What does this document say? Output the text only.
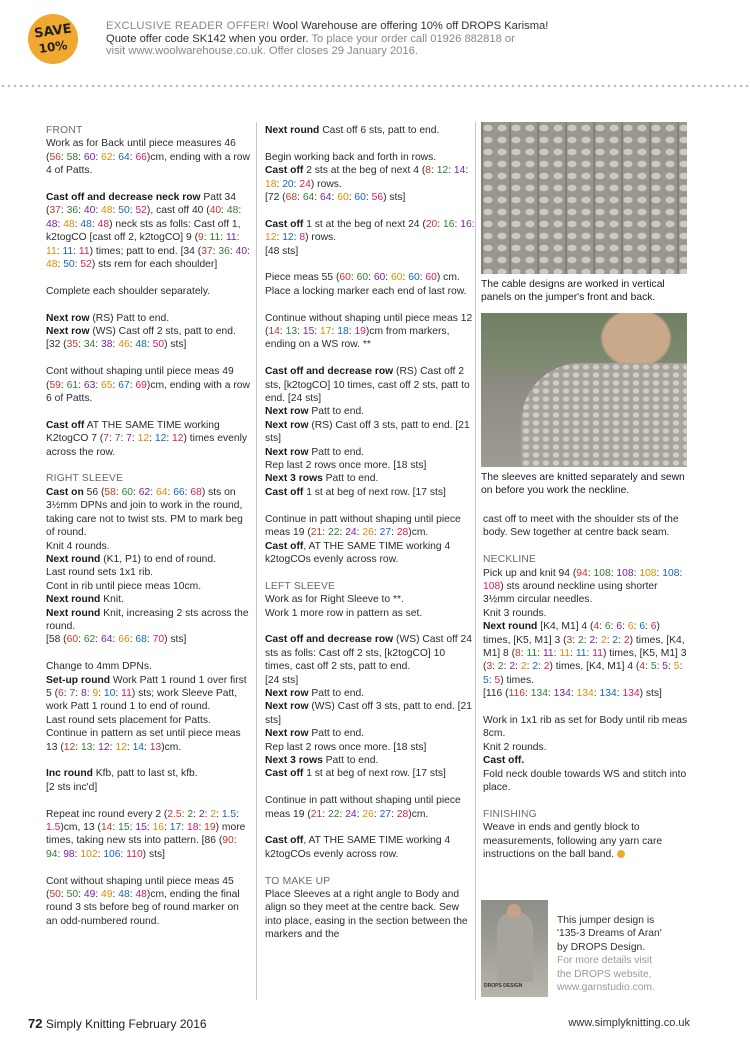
SAVE
10%
EXCLUSIVE READER OFFER! Wool Warehouse are offering 10% off DROPS Karisma!
Quote offer code SK142 when you order. To place your order call 01926 882818 or
visit www.woolwarehouse.co.uk. Offer closes 29 January 2016.

FRONT

Work as for Back until piece measures 46 (56: 58: 60: 62: 64: 66)cm, ending with a row 4 of Patts.

Cast off and decrease neck row Patt 34 (37: 36: 40: 48: 50: 52), cast off 40 (40: 48: 48: 48: 48: 48) neck sts as folls: Cast off 1, k2togCO [cast off 2, k2togCO] 9 (9: 11: 11: 11: 11: 11) times; patt to end. [34 (37: 36: 40: 48: 50: 52) sts rem for each shoulder]

Complete each shoulder separately.

Next row (RS) Patt to end.
Next row (WS) Cast off 2 sts, patt to end. [32 (35: 34: 38: 46: 48: 50) sts]

Cont without shaping until piece meas 49 (59: 61: 63: 65: 67: 69)cm, ending with a row 6 of Patts.

Cast off AT THE SAME TIME working K2togCO 7 (7: 7: 7: 12: 12: 12) times evenly across the row.

RIGHT SLEEVE

Cast on 56 (58: 60: 62: 64: 66: 68) sts on 3½mm DPNs and join to work in the round, taking care not to twist sts. PM to mark beg of round.
Knit 4 rounds.
Next round (K1, P1) to end of round.
Last round sets 1x1 rib.
Cont in rib until piece meas 10cm.
Next round Knit.
Next round Knit, increasing 2 sts across the round.
[58 (60: 62: 64: 66: 68: 70) sts]

Change to 4mm DPNs.
Set-up round Work Patt 1 round 1 over first 5 (6: 7: 8: 9: 10: 11) sts; work Sleeve Patt, work Patt 1 round 1 to end of round.
Last round sets placement for Patts.
Continue in pattern as set until piece meas 13 (12: 13: 12: 12: 14: 13)cm.

Inc round Kfb, patt to last st, kfb.
[2 sts inc'd]

Repeat inc round every 2 (2.5: 2: 2: 2: 1.5: 1.5)cm, 13 (14: 15: 15: 16: 17: 18: 19) more times, taking new sts into pattern. [86 (90: 94: 98: 102: 106: 110) sts]

Cont without shaping until piece meas 45 (50: 50: 49: 49: 48: 48)cm, ending the final round 3 sts before beg of round marker on an odd-numbered round.

Next round Cast off 6 sts, patt to end.

Begin working back and forth in rows.
Cast off 2 sts at the beg of next 4 (8: 12: 14: 18: 20: 24) rows.
[72 (68: 64: 64: 60: 60: 56) sts]

Cast off 1 st at the beg of next 24 (20: 16: 16: 12: 12: 8) rows.
[48 sts]

Piece meas 55 (60: 60: 60: 60: 60: 60) cm. Place a locking marker each end of last row.

Continue without shaping until piece meas 12 (14: 13: 15: 17: 18: 19)cm from markers, ending on a WS row. **

Cast off and decrease row (RS) Cast off 2 sts, [k2togCO] 10 times, cast off 2 sts, patt to end. [24 sts]
Next row Patt to end.
Next row (RS) Cast off 3 sts, patt to end. [21 sts]
Next row Patt to end.
Rep last 2 rows once more. [18 sts]
Next 3 rows Patt to end.
Cast off 1 st at beg of next row. [17 sts]

Continue in patt without shaping until piece meas 19 (21: 22: 24: 26: 27: 28)cm.
Cast off, AT THE SAME TIME working 4 k2togCOs evenly across row.

LEFT SLEEVE

Work as for Right Sleeve to **.
Work 1 more row in pattern as set.

Cast off and decrease row (WS) Cast off 24 sts as folls: Cast off 2 sts, [k2togCO] 10 times, cast off 2 sts, patt to end.
[24 sts]
Next row Patt to end.
Next row (WS) Cast off 3 sts, patt to end. [21 sts]
Next row Patt to end.
Rep last 2 rows once more. [18 sts]
Next 3 rows Patt to end.
Cast off 1 st at beg of next row. [17 sts]

Continue in patt without shaping until piece meas 19 (21: 22: 24: 26: 27: 28)cm.

Cast off, AT THE SAME TIME working 4 k2togCOs evenly across row.

TO MAKE UP

Place Sleeves at a right angle to Body and align so they meet at the centre back. Sew into place, easing in the section between the markers and the

The cable designs are worked in vertical panels on the jumper's front and back.
The sleeves are knitted separately and sewn on before you work the neckline.

cast off to meet with the shoulder sts of the body. Sew together at centre back seam.

NECKLINE

Pick up and knit 94 (94: 108: 108: 108: 108: 108) sts around neckline using shorter 3½mm circular needles.
Knit 3 rounds.
Next round [K4, M1] 4 (4: 6: 6: 6: 6: 6) times, [K5, M1] 3 (3: 2: 2: 2: 2: 2) times, [K4, M1] 8 (8: 11: 11: 11: 11: 11) times, [K5, M1] 3 (3: 2: 2: 2: 2: 2) times, [K4, M1] 4 (4: 5: 5: 5: 5: 5) times.
[116 (116: 134: 134: 134: 134: 134) sts]

Work in 1x1 rib as set for Body until rib meas 8cm.
Knit 2 rounds.
Cast off.
Fold neck double towards WS and stitch into place.

FINISHING

Weave in ends and gently block to measurements, following any yarn care instructions on the ball band.

DROPS DESIGN
This jumper design is
'135-3 Dreams of Aran'
by DROPS Design.
For more details visit
the DROPS website,
www.garnstudio.com.
72 Simply Knitting February 2016	www.simplyknitting.co.uk
